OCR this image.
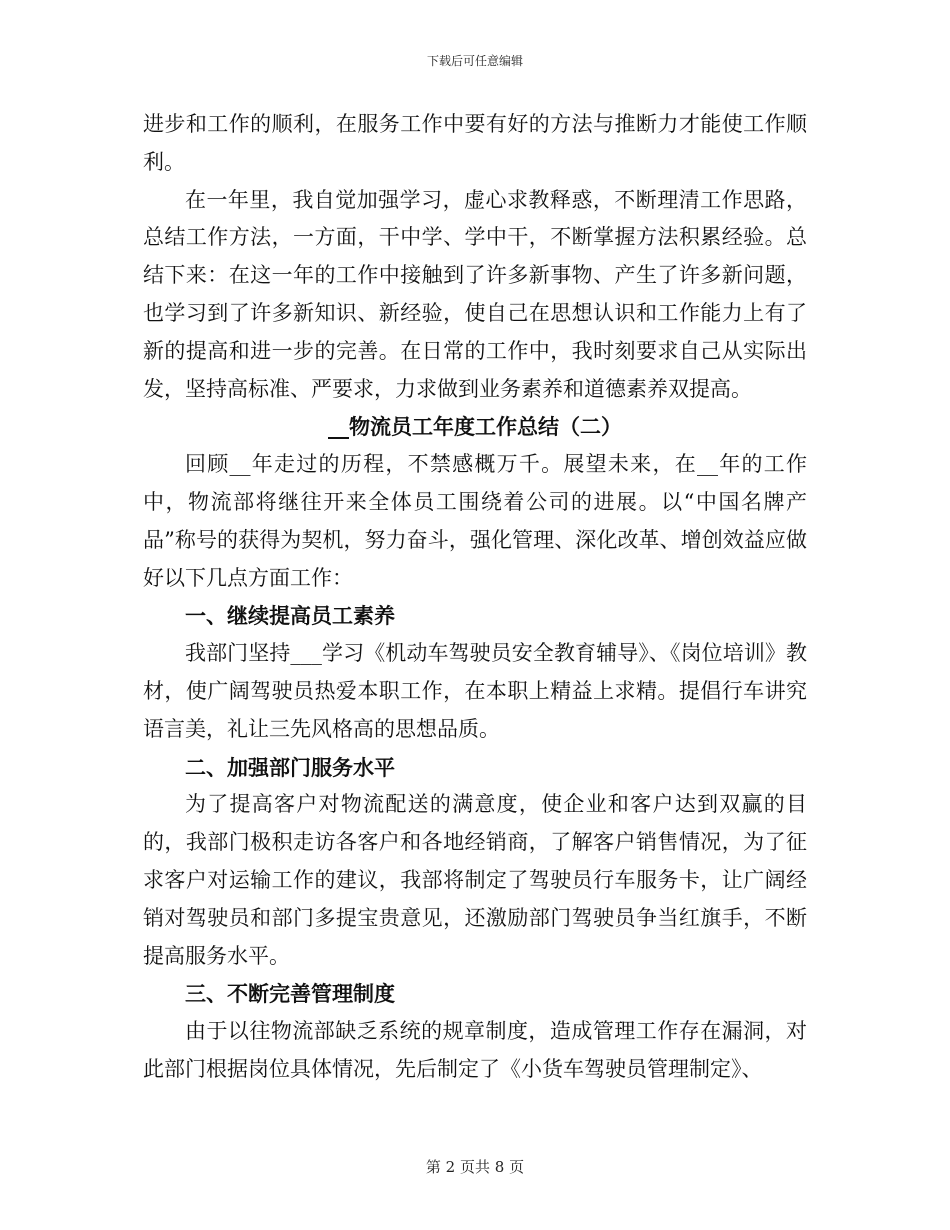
下载后可任意编辑

进步和工作的顺利，在服务工作中要有好的方法与推断力才能使工作顺利。

在一年里，我自觉加强学习，虚心求教释惑，不断理清工作思路，总结工作方法，一方面，干中学、学中干，不断掌握方法积累经验。总结下来：在这一年的工作中接触到了许多新事物、产生了许多新问题，也学习到了许多新知识、新经验，使自己在思想认识和工作能力上有了新的提高和进一步的完善。在日常的工作中，我时刻要求自己从实际出发，坚持高标准、严要求，力求做到业务素养和道德素养双提高。

__物流员工年度工作总结（二）

回顾__年走过的历程，不禁感概万千。展望未来，在__年的工作中，物流部将继往开来全体员工围绕着公司的进展。以“中国名牌产品”称号的获得为契机，努力奋斗，强化管理、深化改革、增创效益应做好以下几点方面工作：

一、继续提高员工素养

我部门坚持___学习《机动车驾驶员安全教育辅导》、《岗位培训》教材，使广阔驾驶员热爱本职工作，在本职上精益上求精。提倡行车讲究语言美，礼让三先风格高的思想品质。

二、加强部门服务水平

为了提高客户对物流配送的满意度，使企业和客户达到双赢的目的，我部门极积走访各客户和各地经销商，了解客户销售情况，为了征求客户对运输工作的建议，我部将制定了驾驶员行车服务卡，让广阔经销对驾驶员和部门多提宝贵意见，还激励部门驾驶员争当红旗手，不断提高服务水平。

三、不断完善管理制度

由于以往物流部缺乏系统的规章制度，造成管理工作存在漏洞，对此部门根据岗位具体情况，先后制定了《小货车驾驶员管理制定》、

第 2 页共 8 页
